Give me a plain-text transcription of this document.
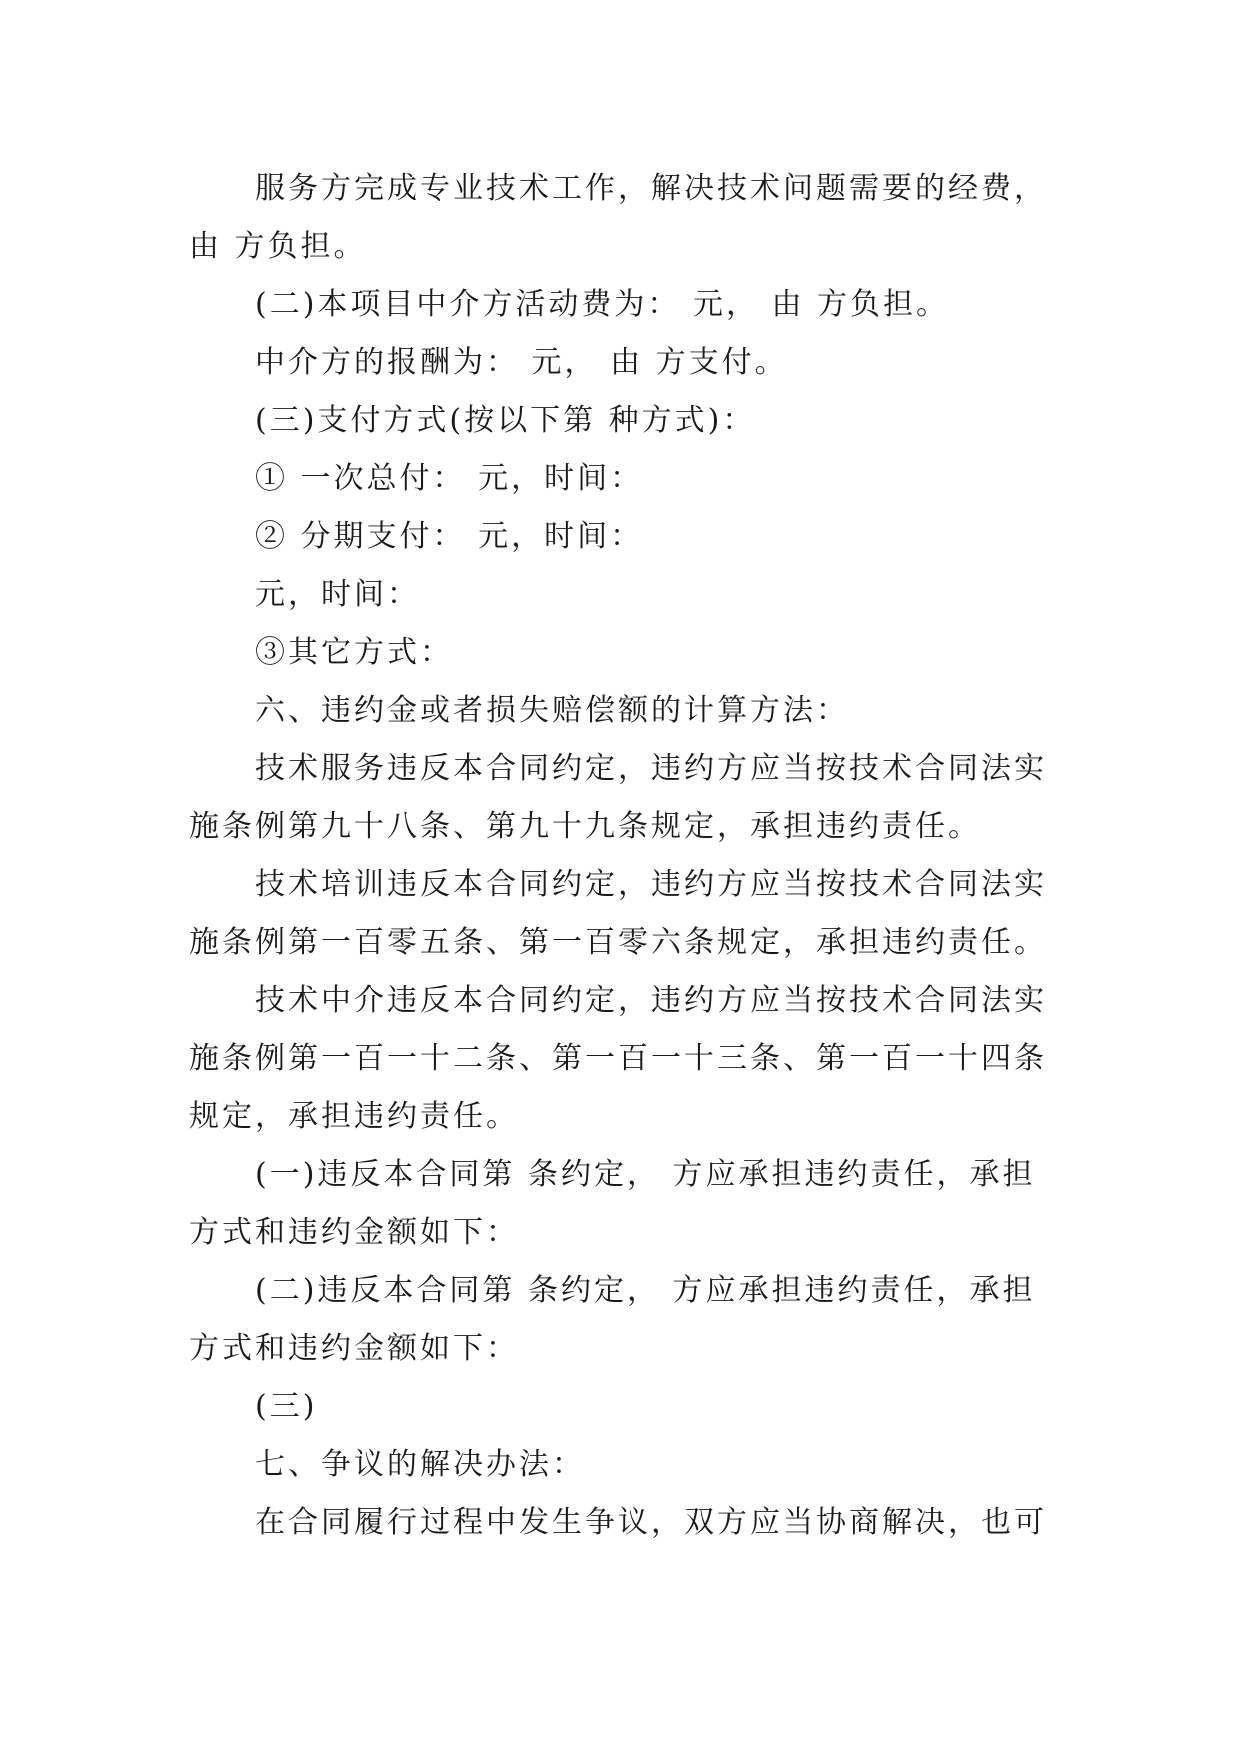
服务方完成专业技术工作，解决技术问题需要的经费，
由 方负担。
(二)本项目中介方活动费为： 元， 由 方负担。
中介方的报酬为： 元， 由 方支付。
(三)支付方式(按以下第 种方式)：
① 一次总付： 元，时间：
② 分期支付： 元，时间：
元，时间：
③其它方式：
六、违约金或者损失赔偿额的计算方法：
技术服务违反本合同约定，违约方应当按技术合同法实
施条例第九十八条、第九十九条规定，承担违约责任。
技术培训违反本合同约定，违约方应当按技术合同法实
施条例第一百零五条、第一百零六条规定，承担违约责任。
技术中介违反本合同约定，违约方应当按技术合同法实
施条例第一百一十二条、第一百一十三条、第一百一十四条
规定，承担违约责任。
(一)违反本合同第 条约定， 方应承担违约责任，承担
方式和违约金额如下：
(二)违反本合同第 条约定， 方应承担违约责任，承担
方式和违约金额如下：
(三)
七、争议的解决办法：
在合同履行过程中发生争议，双方应当协商解决，也可
